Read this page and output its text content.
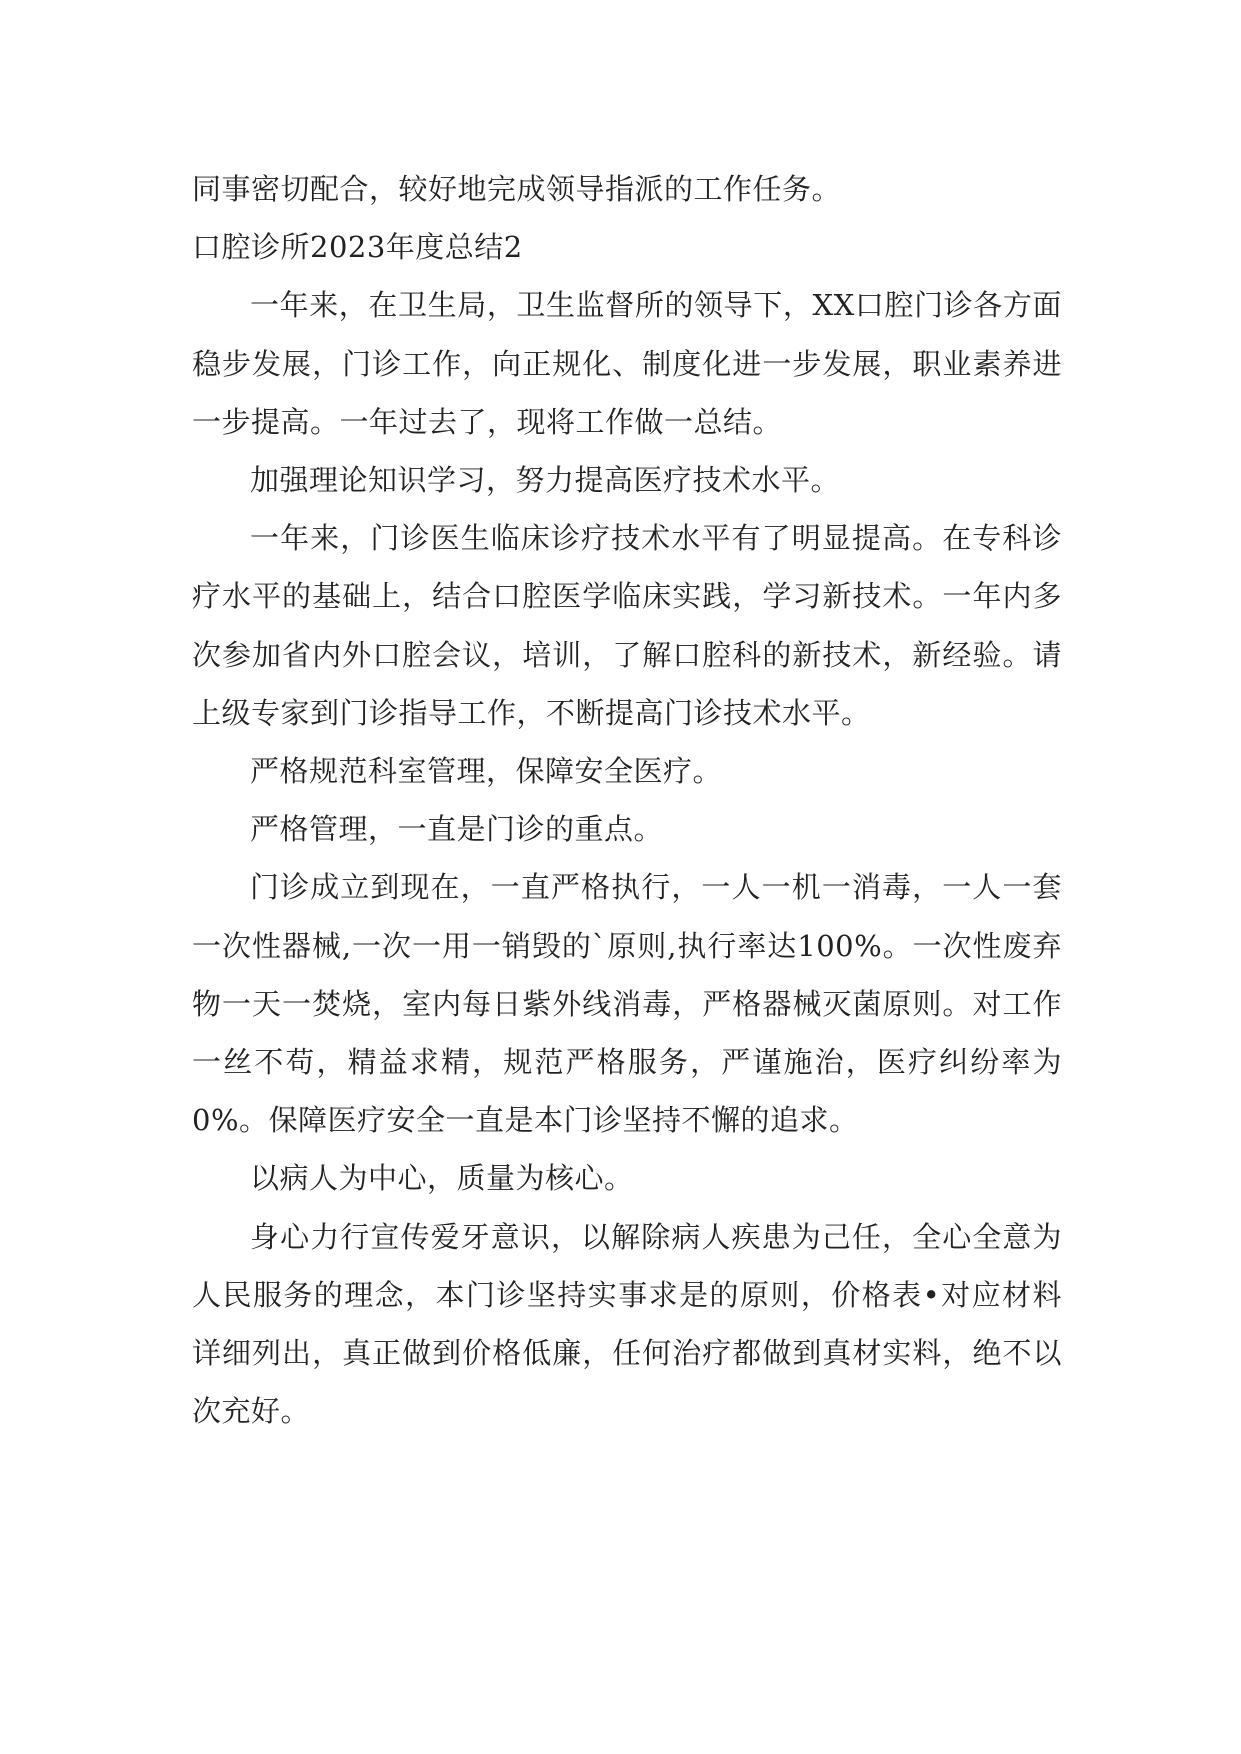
同事密切配合，较好地完成领导指派的工作任务。

口腔诊所2023年度总结2

一年来，在卫生局，卫生监督所的领导下，XX口腔门诊各方面稳步发展，门诊工作，向正规化、制度化进一步发展，职业素养进一步提高。一年过去了，现将工作做一总结。

加强理论知识学习，努力提高医疗技术水平。

一年来，门诊医生临床诊疗技术水平有了明显提高。在专科诊疗水平的基础上，结合口腔医学临床实践，学习新技术。一年内多次参加省内外口腔会议，培训，了解口腔科的新技术，新经验。请上级专家到门诊指导工作，不断提高门诊技术水平。

严格规范科室管理，保障安全医疗。

严格管理，一直是门诊的重点。

门诊成立到现在，一直严格执行，一人一机一消毒，一人一套一次性器械,一次一用一销毁的`原则,执行率达100%。一次性废弃物一天一焚烧，室内每日紫外线消毒，严格器械灭菌原则。对工作一丝不苟，精益求精，规范严格服务，严谨施治，医疗纠纷率为0%。保障医疗安全一直是本门诊坚持不懈的追求。

以病人为中心，质量为核心。

身心力行宣传爱牙意识，以解除病人疾患为己任，全心全意为人民服务的理念，本门诊坚持实事求是的原则，价格表•对应材料详细列出，真正做到价格低廉，任何治疗都做到真材实料，绝不以次充好。
